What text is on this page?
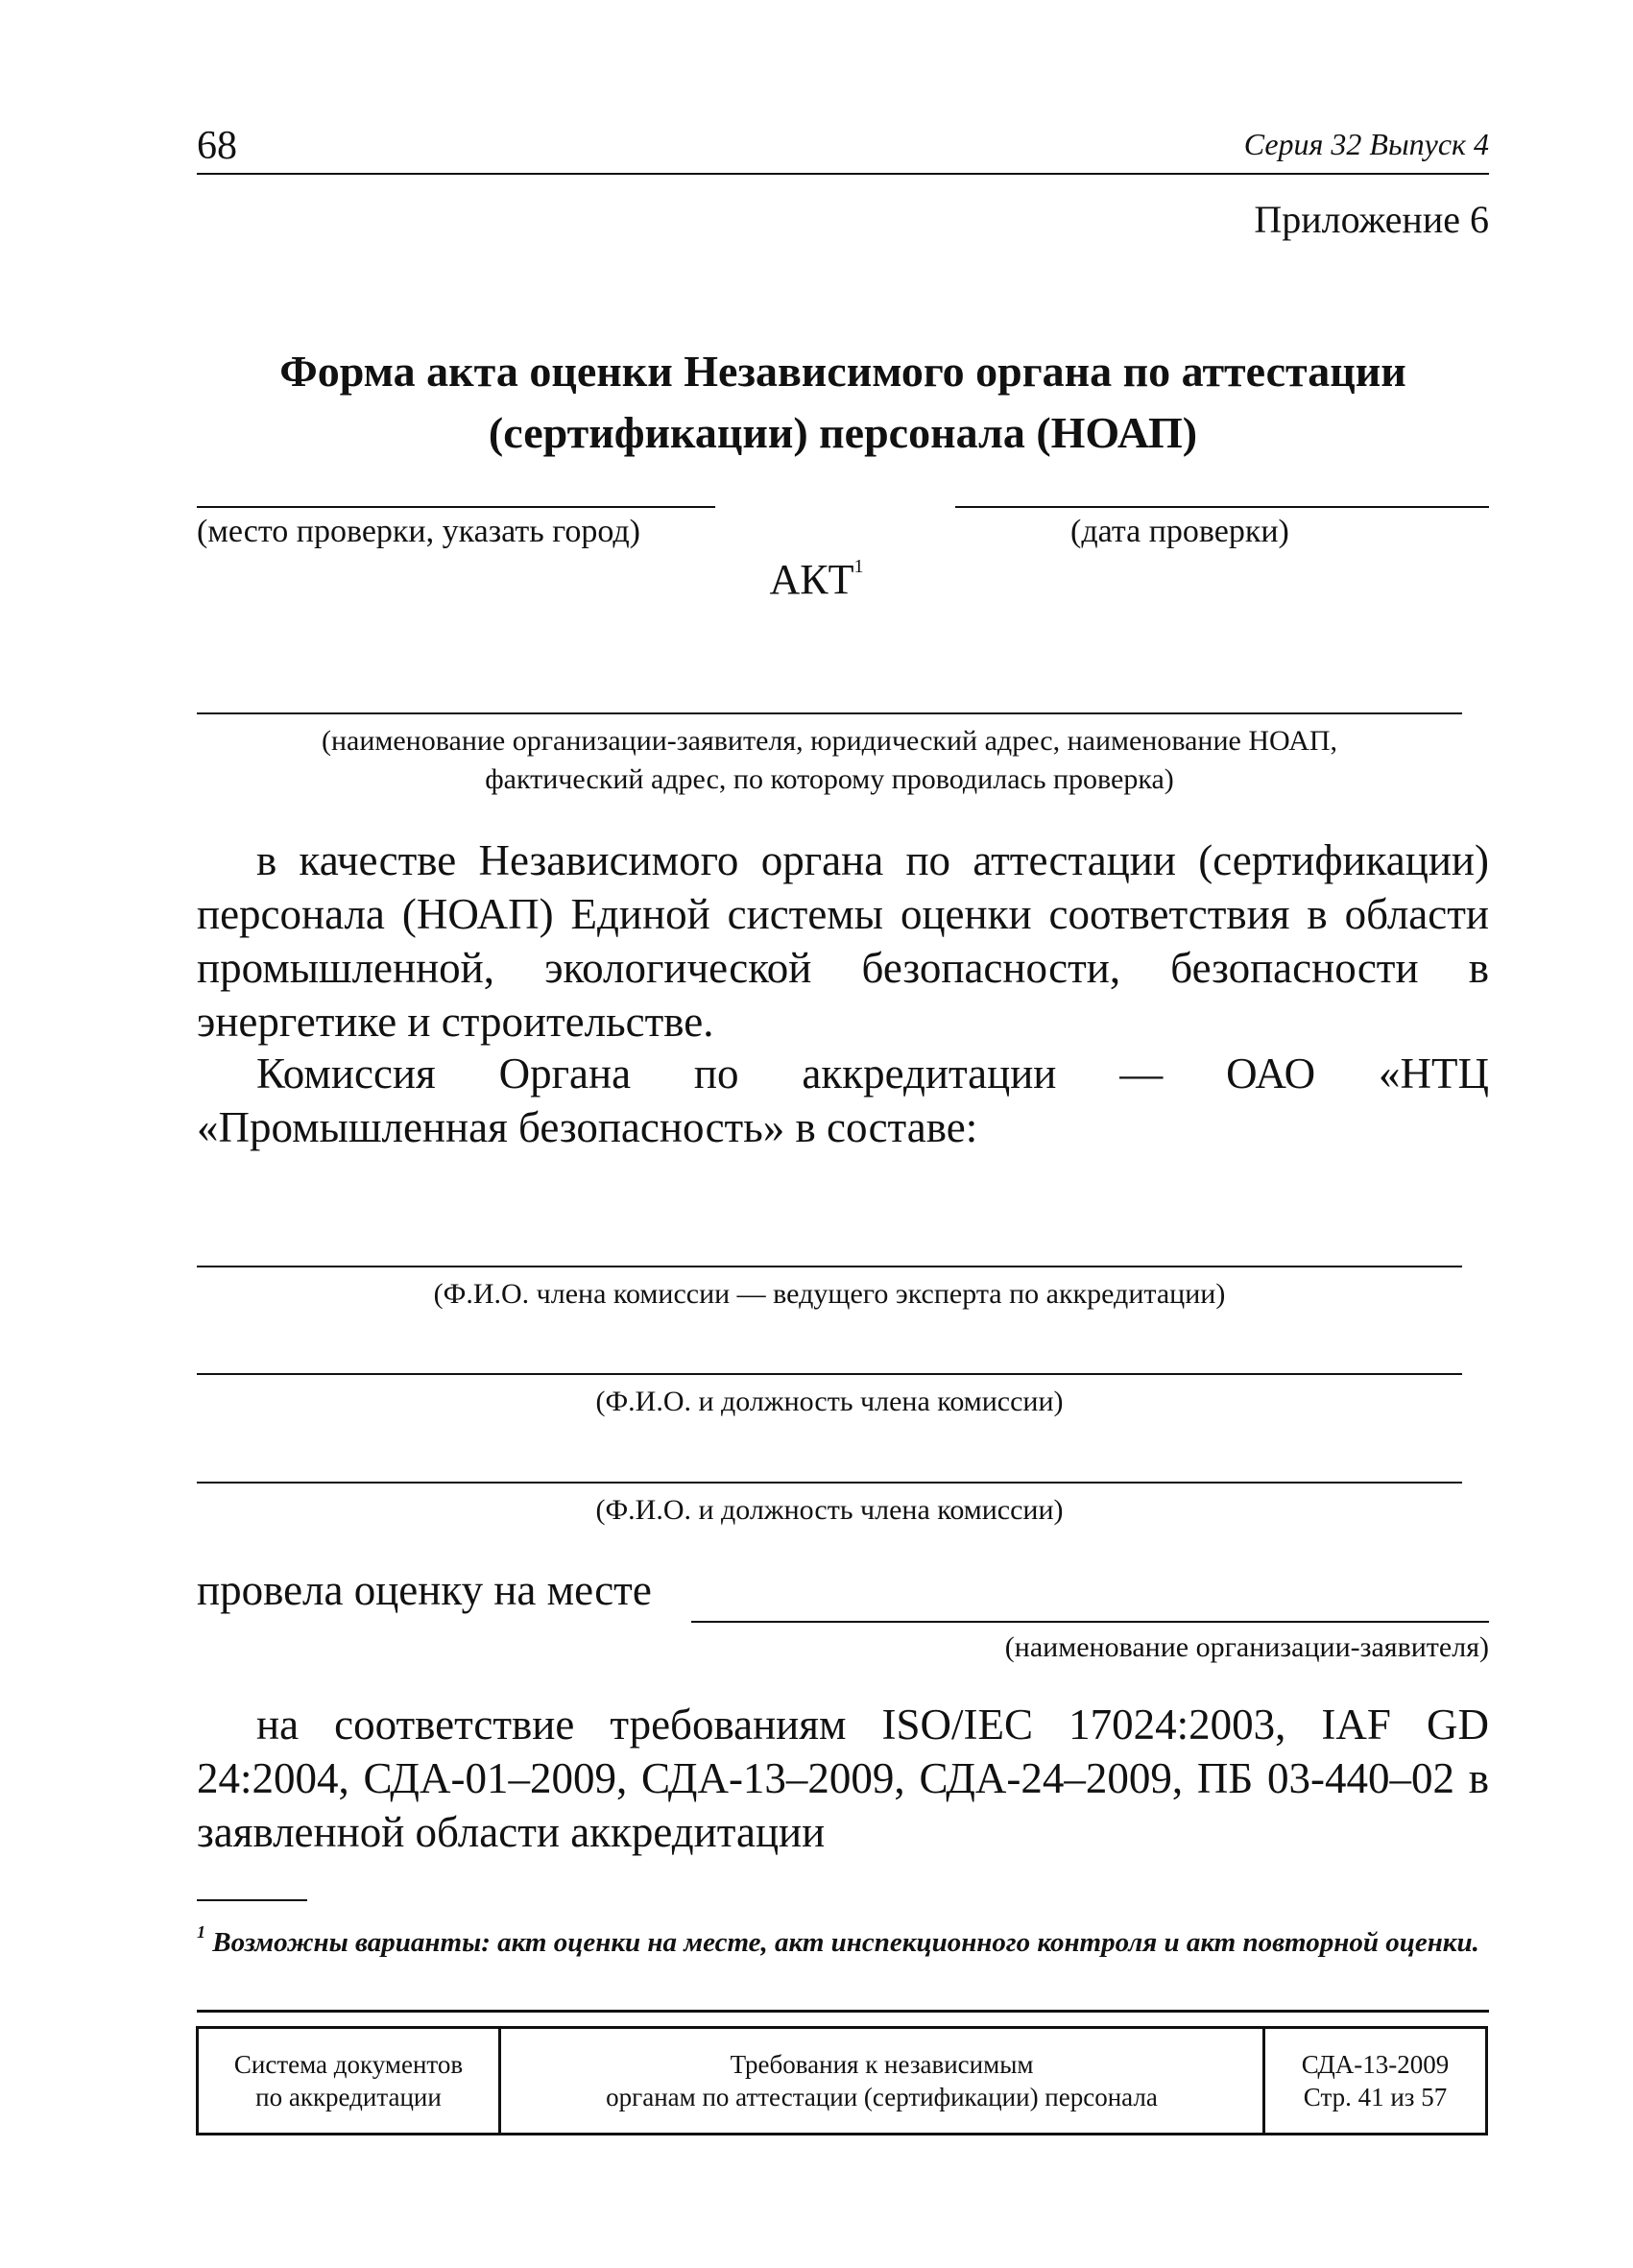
68	Серия 32 Выпуск 4
Приложение 6
Форма акта оценки Независимого органа по аттестации
(сертификации) персонала (НОАП)
(место проверки, указать город)	(дата проверки)
АКТ$^1$
(наименование организации-заявителя, юридический адрес, наименование НОАП,
фактический адрес, по которому проводилась проверка)
в качестве Независимого органа по аттестации (сертификации) персонала (НОАП) Единой системы оценки соответствия в области промышленной, экологической безопасности, безопасности в энергетике и строительстве.
Комиссия Органа по аккредитации — ОАО «НТЦ «Промышленная безопасность» в составе:
(Ф.И.О. члена комиссии — ведущего эксперта по аккредитации)
(Ф.И.О. и должность члена комиссии)
(Ф.И.О. и должность члена комиссии)
провела оценку на месте
(наименование организации-заявителя)
на соответствие требованиям ISO/IEC 17024:2003, IAF GD 24:2004, СДА-01–2009, СДА-13–2009, СДА-24–2009, ПБ 03-440–02 в заявленной области аккредитации
$^1$ Возможны варианты: акт оценки на месте, акт инспекционного контроля и акт повторной оценки.
Система документов
по аккредитации
Требования к независимым
органам по аттестации (сертификации) персонала
СДА-13-2009
Стр. 41 из 57
